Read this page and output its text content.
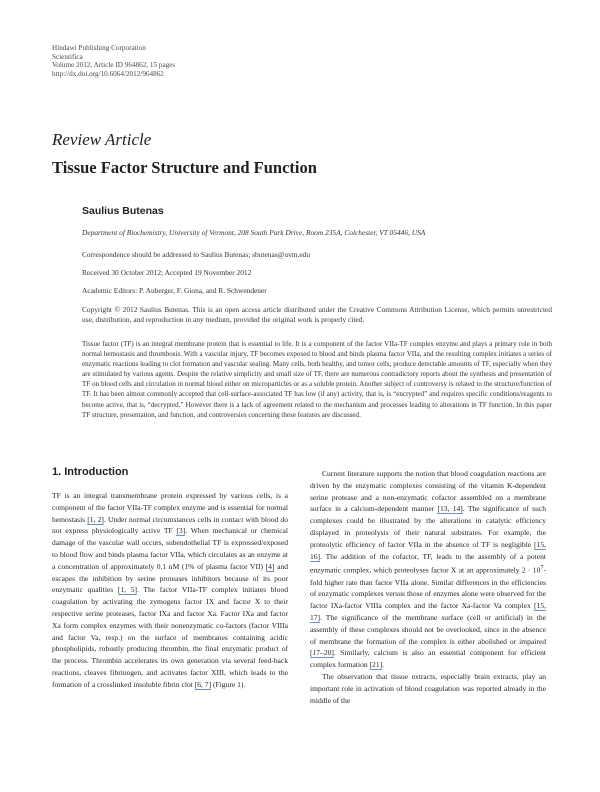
Hindawi Publishing Corporation
Scientifica
Volume 2012, Article ID 964862, 15 pages
http://dx.doi.org/10.6064/2012/964862
Review Article
Tissue Factor Structure and Function
Saulius Butenas
Department of Biochemistry, University of Vermont, 208 South Park Drive, Room 235A, Colchester, VT 05446, USA
Correspondence should be addressed to Saulius Butenas; sbutenas@uvm.edu
Received 30 October 2012; Accepted 19 November 2012
Academic Editors: P. Auberger, F. Giona, and R. Schwendener
Copyright © 2012 Saulius Butenas. This is an open access article distributed under the Creative Commons Attribution License, which permits unrestricted use, distribution, and reproduction in any medium, provided the original work is properly cited.
Tissue factor (TF) is an integral membrane protein that is essential to life. It is a component of the factor VIIa-TF complex enzyme and plays a primary role in both normal hemostasis and thrombosis. With a vascular injury, TF becomes exposed to blood and binds plasma factor VIIa, and the resulting complex initiates a series of enzymatic reactions leading to clot formation and vascular sealing. Many cells, both healthy, and tumor cells, produce detectable amounts of TF, especially when they are stimulated by various agents. Despite the relative simplicity and small size of TF, there are numerous contradictory reports about the synthesis and presentation of TF on blood cells and circulation in normal blood either on microparticles or as a soluble protein. Another subject of controversy is related to the structure/function of TF. It has been almost commonly accepted that cell-surface-associated TF has low (if any) activity, that is, is “encrypted” and requires specific conditions/reagents to become active, that is, “decrypted.” However there is a lack of agreement related to the mechanism and processes leading to alterations in TF function. In this paper TF structure, presentation, and function, and controversies concerning these features are discussed.
1. Introduction

TF is an integral transmembrane protein expressed by various cells, is a component of the factor VIIa-TF complex enzyme and is essential for normal hemostasis [1, 2]. Under normal circumstances cells in contact with blood do not express physiologically active TF [3]. When mechanical or chemical damage of the vascular wall occurs, subendothelial TF is expressed/exposed to blood flow and binds plasma factor VIIa, which circulates as an enzyme at a concentration of approximately 0.1 nM (1% of plasma factor VII) [4] and escapes the inhibition by serine proteases inhibitors because of its poor enzymatic qualities [1, 5]. The factor VIIa-TF complex initiates blood coagulation by activating the zymogens factor IX and factor X to their respective serine proteases, factor IXa and factor Xa. Factor IXa and factor Xa form complex enzymes with their nonenzymatic co-factors (factor VIIIa and factor Va, resp.) on the surface of membranes containing acidic phospholipids, robustly producing thrombin, the final enzymatic product of the process. Thrombin accelerates its own generation via several feed-back reactions, cleaves fibrinogen, and activates factor XIII, which leads to the formation of a crosslinked insoluble fibrin clot [6, 7] (Figure 1).

Current literature supports the notion that blood coagulation reactions are driven by the enzymatic complexes consisting of the vitamin K-dependent serine protease and a non-enzymatic cofactor assembled on a membrane surface in a calcium-dependent manner [13, 14]. The significance of such complexes could be illustrated by the alterations in catalytic efficiency displayed in proteolysis of their natural substrates. For example, the proteolytic efficiency of factor VIIa in the absence of TF is negligible [15, 16]. The addition of the cofactor, TF, leads to the assembly of a potent enzymatic complex, which proteolyses factor X at an approximately $2 \cdot 10^7$-fold higher rate than factor VIIa alone. Similar differences in the efficiencies of enzymatic complexes versus those of enzymes alone were observed for the factor IXa-factor VIIIa complex and the factor Xa-factor Va complex [15, 17]. The significance of the membrane surface (cell or artificial) in the assembly of these complexes should not be overlooked, since in the absence of membrane the formation of the complex is either abolished or impaired [17–20]. Similarly, calcium is also an essential component for efficient complex formation [21].

The observation that tissue extracts, especially brain extracts, play an important role in activation of blood coagulation was reported already in the middle of the
